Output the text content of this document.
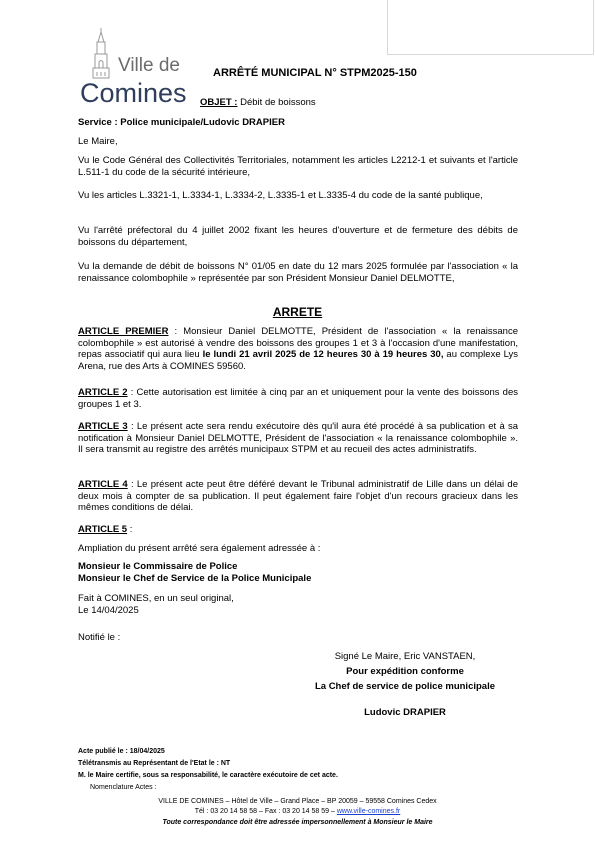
Ville de
Comines
ARRÊTÉ MUNICIPAL N° STPM2025-150
OBJET : Débit de boissons
Service : Police municipale/Ludovic DRAPIER
Le Maire,
Vu le Code Général des Collectivités Territoriales, notamment les articles L2212-1 et suivants et l'article L.511-1 du code de la sécurité intérieure,
Vu les articles L.3321-1, L.3334-1, L.3334-2, L.3335-1 et L.3335-4 du code de la santé publique,
Vu l'arrêté préfectoral du 4 juillet 2002 fixant les heures d'ouverture et de fermeture des débits de boissons du département,
Vu la demande de débit de boissons N° 01/05 en date du 12 mars 2025 formulée par l'association « la renaissance colombophile » représentée par son Président Monsieur Daniel DELMOTTE,
ARRETE
ARTICLE PREMIER : Monsieur Daniel DELMOTTE, Président de l'association « la renaissance colombophile » est autorisé à vendre des boissons des groupes 1 et 3 à l'occasion d'une manifestation, repas associatif qui aura lieu le lundi 21 avril 2025 de 12 heures 30 à 19 heures 30, au complexe Lys Arena, rue des Arts à COMINES 59560.
ARTICLE 2 : Cette autorisation est limitée à cinq par an et uniquement pour la vente des boissons des groupes 1 et 3.
ARTICLE 3 : Le présent acte sera rendu exécutoire dès qu'il aura été procédé à sa publication et à sa notification à Monsieur Daniel DELMOTTE, Président de l'association « la renaissance colombophile ». Il sera transmit au registre des arrêtés municipaux STPM et au recueil des actes administratifs.
ARTICLE 4 : Le présent acte peut être déféré devant le Tribunal administratif de Lille dans un délai de deux mois à compter de sa publication. Il peut également faire l'objet d'un recours gracieux dans les mêmes conditions de délai.
ARTICLE 5 :
Ampliation du présent arrêté sera également adressée à :
Monsieur le Commissaire de Police
Monsieur le Chef de Service de la Police Municipale
Fait à COMINES, en un seul original,
Le 14/04/2025
Notifié le :
Signé Le Maire, Eric VANSTAEN,
Pour expédition conforme
La Chef de service de police municipale
Ludovic DRAPIER
Acte publié le : 18/04/2025
Télétransmis au Représentant de l'Etat le : NT
M. le Maire certifie, sous sa responsabilité, le caractère exécutoire de cet acte.
Nomenclature Actes :
VILLE DE COMINES – Hôtel de Ville – Grand Place – BP 20059 – 59558 Comines Cedex
Tél : 03 20 14 58 58 – Fax : 03 20 14 58 59 – www.ville-comines.fr
Toute correspondance doit être adressée impersonnellement à Monsieur le Maire
